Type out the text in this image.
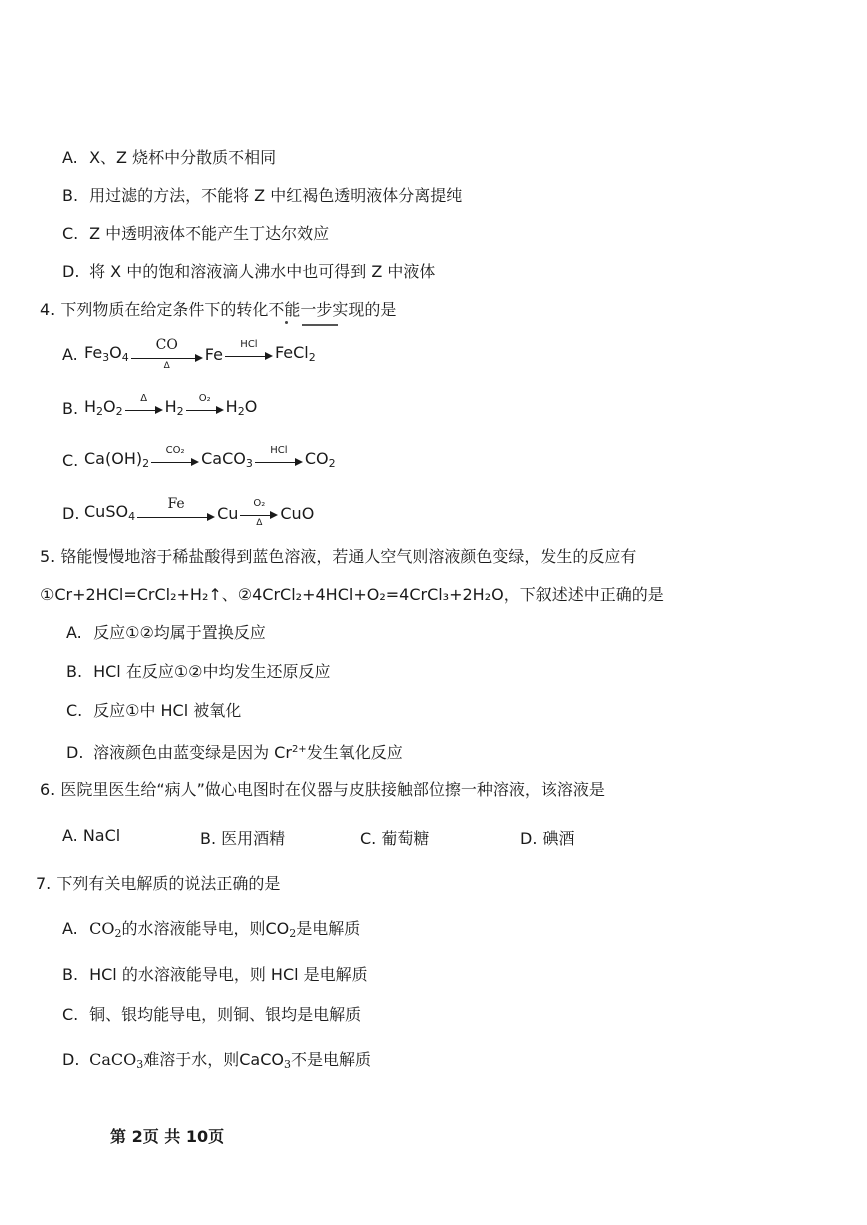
A. X、Z 烧杯中分散质不相同
B. 用过滤的方法，不能将 Z 中红褐色透明液体分离提纯
C. Z 中透明液体不能产生丁达尔效应
D. 将 X 中的饱和溶液滴人沸水中也可得到 Z 中液体
4. 下列物质在给定条件下的转化不能一步实现的是
A. $Fe_3O_4$
CO
Δ
Fe
HCl FeCl$_2$
B. $H_2O_2$
Δ $H_2$
O₂ $H_2O$
C. $Ca(OH)_2$
CO₂ CaCO$_3$
HCl $CO_2$
D. CuSO$_4$
Fe Cu
O₂
Δ CuO
5. 铬能慢慢地溶于稀盐酸得到蓝色溶液，若通人空气则溶液颜色变绿，发生的反应有
①Cr+2HCl=CrCl₂+H₂↑、②4CrCl₂+4HCl+O₂=4CrCl₃+2H₂O，下叙述述中正确的是
A. 反应①②均属于置换反应
B. HCl 在反应①②中均发生还原反应
C. 反应①中 HCl 被氧化
D. 溶液颜色由蓝变绿是因为 $Cr^{2+}$发生氧化反应
6. 医院里医生给“病人”做心电图时在仪器与皮肤接触部位擦一种溶液，该溶液是
A. NaCl	B. 医用酒精	C. 葡萄糖	D. 碘酒
7. 下列有关电解质的说法正确的是
A. $CO_2$的水溶液能导电，则$CO_2$是电解质
B. HCl 的水溶液能导电，则 HCl 是电解质
C. 铜、银均能导电，则铜、银均是电解质
D. CaCO$_3$难溶于水，则CaCO$_3$不是电解质
第 2页 共 10页
